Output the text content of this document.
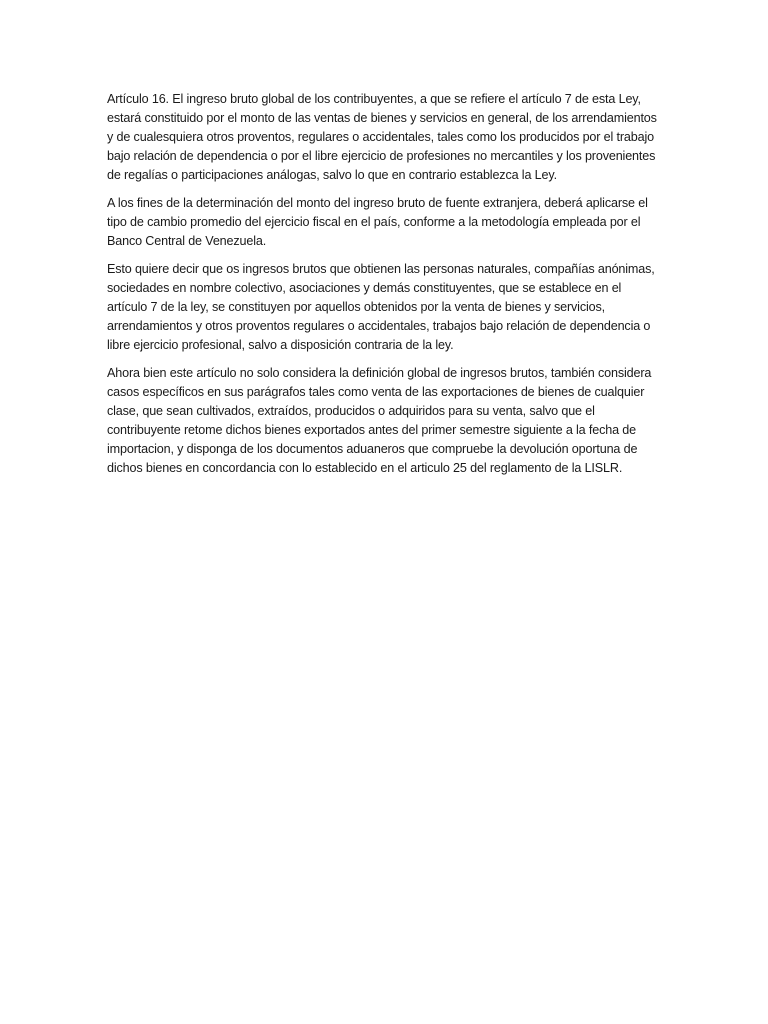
Artículo 16. El ingreso bruto global de los contribuyentes, a que se refiere el artículo 7 de esta Ley, estará constituido por el monto de las ventas de bienes y servicios en general, de los arrendamientos y de cualesquiera otros proventos, regulares o accidentales, tales como los producidos por el trabajo bajo relación de dependencia o por el libre ejercicio de profesiones no mercantiles y los provenientes de regalías o participaciones análogas, salvo lo que en contrario establezca la Ley.

A los fines de la determinación del monto del ingreso bruto de fuente extranjera, deberá aplicarse el tipo de cambio promedio del ejercicio fiscal en el país, conforme a la metodología empleada por el Banco Central de Venezuela.

Esto quiere decir que os ingresos brutos que obtienen las personas naturales, compañías anónimas, sociedades en nombre colectivo, asociaciones y demás constituyentes, que se establece en el artículo 7 de la ley, se constituyen por aquellos obtenidos por la venta de bienes y servicios, arrendamientos y otros proventos regulares o accidentales, trabajos bajo relación de dependencia o libre ejercicio profesional, salvo a disposición contraria de la ley.

Ahora bien este artículo no solo considera la definición global de ingresos brutos, también considera casos específicos en sus parágrafos tales como venta de las exportaciones de bienes de cualquier clase, que sean cultivados, extraídos, producidos o adquiridos para su venta, salvo que el contribuyente retome dichos bienes exportados antes del primer semestre siguiente a la fecha de importacion, y disponga de los documentos aduaneros que compruebe la devolución oportuna de dichos bienes en concordancia con lo establecido en el articulo 25 del reglamento de la LISLR.
